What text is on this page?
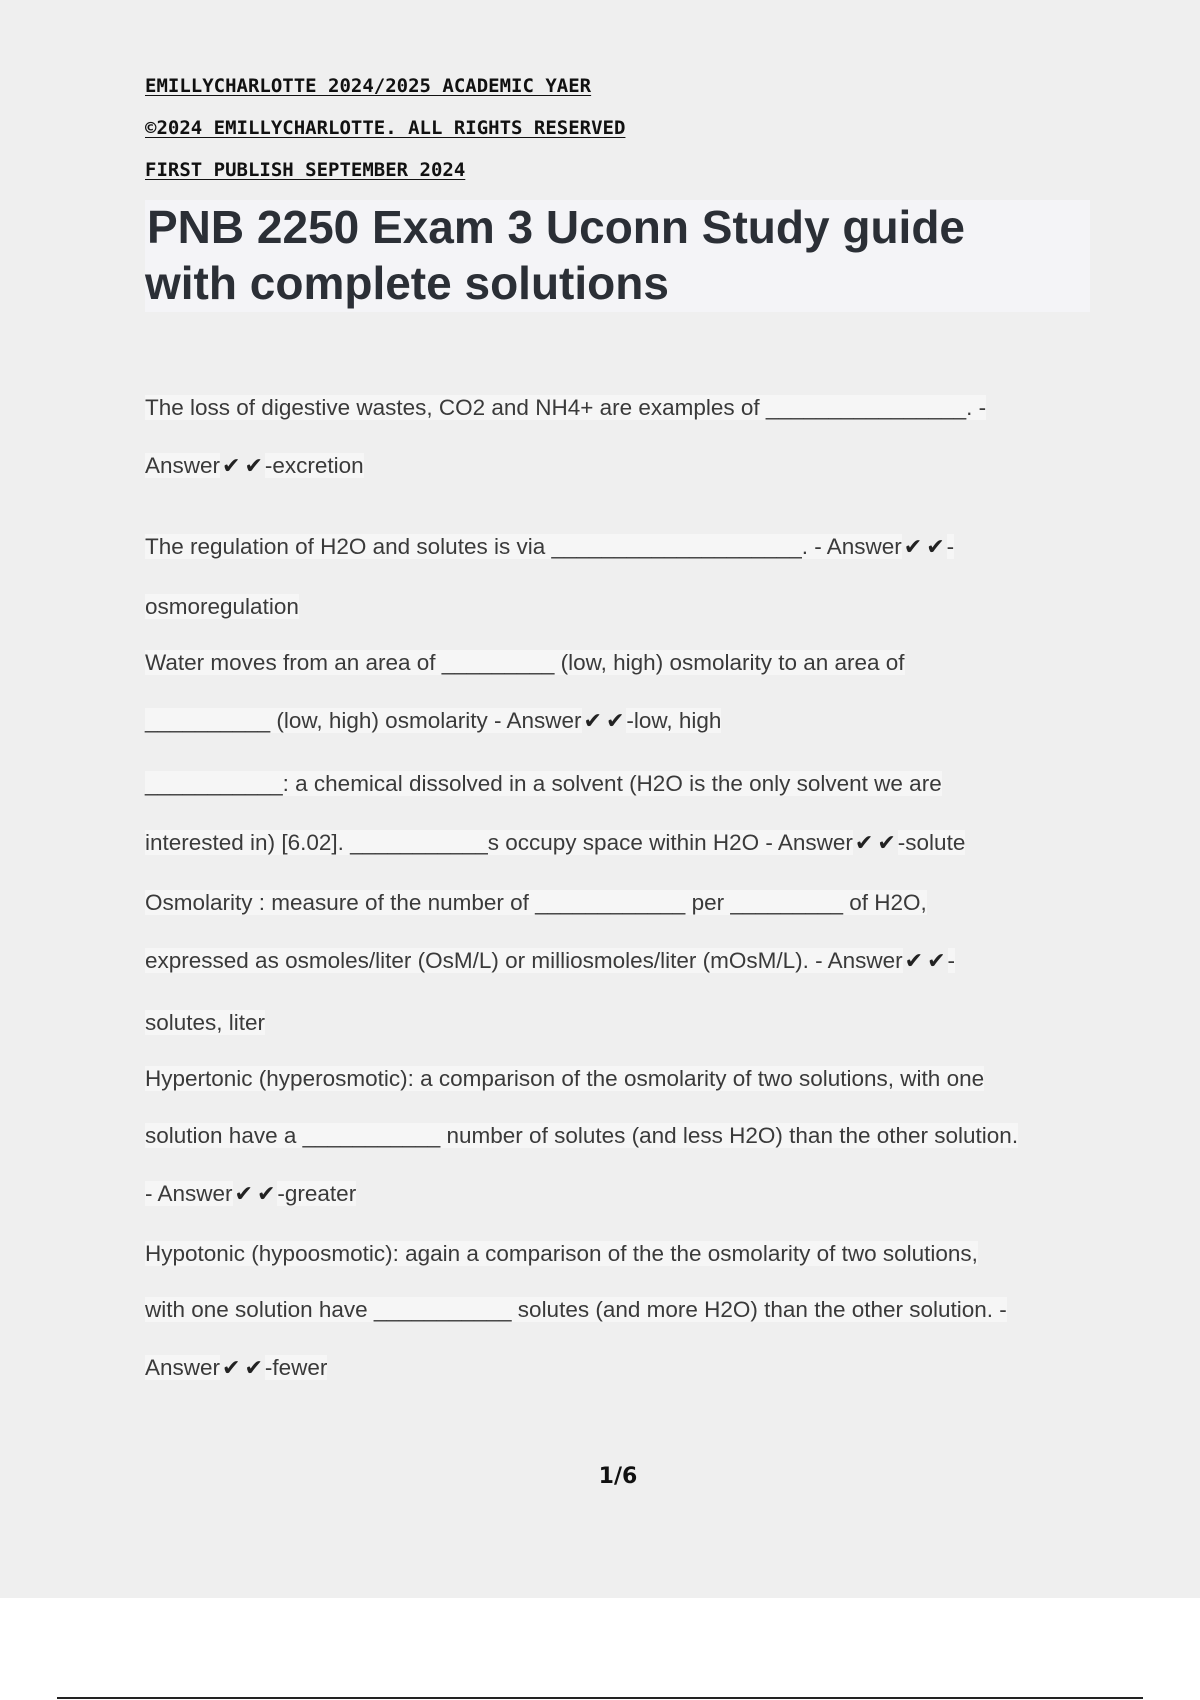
EMILLYCHARLOTTE 2024/2025 ACADEMIC YAER
©2024 EMILLYCHARLOTTE. ALL RIGHTS RESERVED
FIRST PUBLISH SEPTEMBER 2024
PNB 2250 Exam 3 Uconn Study guide
with complete solutions
The loss of digestive wastes, CO2 and NH4+ are examples of ________________. -
Answer✔ ✔-excretion
The regulation of H2O and solutes is via ____________________. - Answer✔ ✔-
osmoregulation
Water moves from an area of _________ (low, high) osmolarity to an area of
__________ (low, high) osmolarity - Answer✔ ✔-low, high
___________: a chemical dissolved in a solvent (H2O is the only solvent we are
interested in) [6.02]. ___________s occupy space within H2O - Answer✔ ✔-solute
Osmolarity : measure of the number of ____________ per _________ of H2O,
expressed as osmoles/liter (OsM/L) or milliosmoles/liter (mOsM/L). - Answer✔ ✔-
solutes, liter
Hypertonic (hyperosmotic): a comparison of the osmolarity of two solutions, with one
solution have a ___________ number of solutes (and less H2O) than the other solution.
- Answer✔ ✔-greater
Hypotonic (hypoosmotic): again a comparison of the the osmolarity of two solutions,
with one solution have ___________ solutes (and more H2O) than the other solution. -
Answer✔ ✔-fewer
1/6
